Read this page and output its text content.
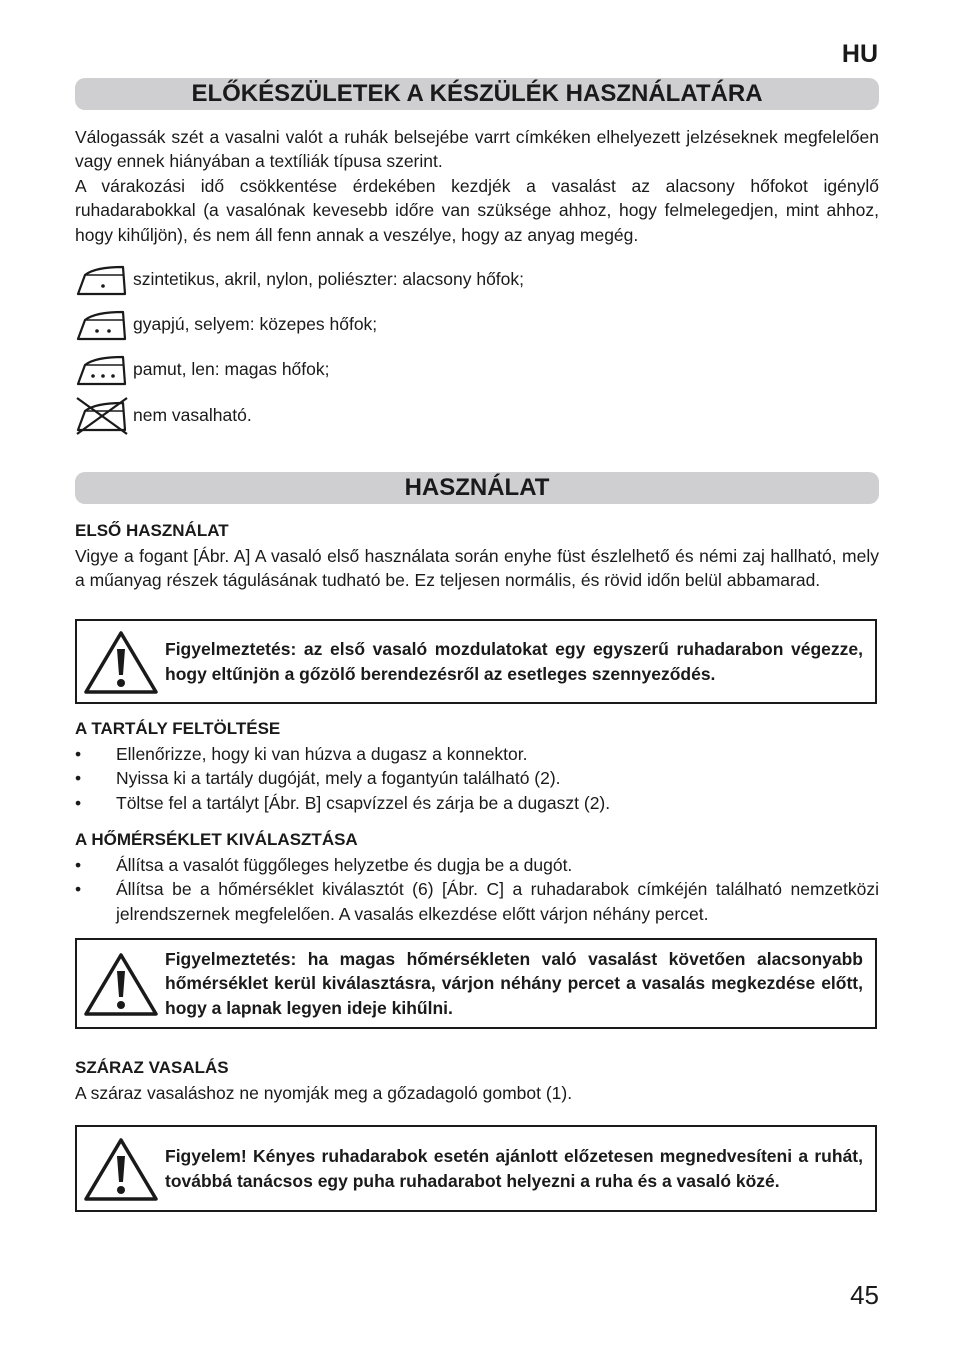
HU
ELŐKÉSZÜLETEK A KÉSZÜLÉK HASZNÁLATÁRA

Válogassák szét a vasalni valót a ruhák belsejébe varrt címkéken elhelyezett jelzéseknek megfelelően vagy ennek hiányában a textíliák típusa szerint.

A várakozási idő csökkentése érdekében kezdjék a vasalást az alacsony hőfokot igénylő ruhadarabokkal (a vasalónak kevesebb időre van szüksége ahhoz, hogy felmelegedjen, mint ahhoz, hogy kihűljön), és nem áll fenn annak a veszélye, hogy az anyag megég.

szintetikus, akril, nylon, poliészter: alacsony hőfok;
gyapjú, selyem: közepes hőfok;
pamut, len: magas hőfok;
nem vasalható.
HASZNÁLAT
ELSŐ HASZNÁLAT
Vigye a fogant [Ábr. A] A vasaló első használata során enyhe füst észlelhető és némi zaj hallható, mely a műanyag részek tágulásának tudható be. Ez teljesen normális, és rövid időn belül abbamarad.
Figyelmeztetés: az első vasaló mozdulatokat egy egyszerű ruhadarabon végezze, hogy eltűnjön a gőzölő berendezésről az esetleges szennyeződés.
A TARTÁLY FELTÖLTÉSE
• Ellenőrizze, hogy ki van húzva a dugasz a konnektor.
• Nyissa ki a tartály dugóját, mely a fogantyún található (2).
• Töltse fel a tartályt [Ábr. B] csapvízzel és zárja be a dugaszt (2).
A HŐMÉRSÉKLET KIVÁLASZTÁSA
• Állítsa a vasalót függőleges helyzetbe és dugja be a dugót.
• Állítsa be a hőmérséklet kiválasztót (6) [Ábr. C] a ruhadarabok címkéjén található nemzetközi jelrendszernek megfelelően. A vasalás elkezdése előtt várjon néhány percet.
Figyelmeztetés: ha magas hőmérsékleten való vasalást követően alacsonyabb hőmérséklet kerül kiválasztásra, várjon néhány percet a vasalás megkezdése előtt, hogy a lapnak legyen ideje kihűlni.
SZÁRAZ VASALÁS
A száraz vasaláshoz ne nyomják meg a gőzadagoló gombot (1).
Figyelem! Kényes ruhadarabok esetén ajánlott előzetesen megnedvesíteni a ruhát, továbbá tanácsos egy puha ruhadarabot helyezni a ruha és a vasaló közé.
45
